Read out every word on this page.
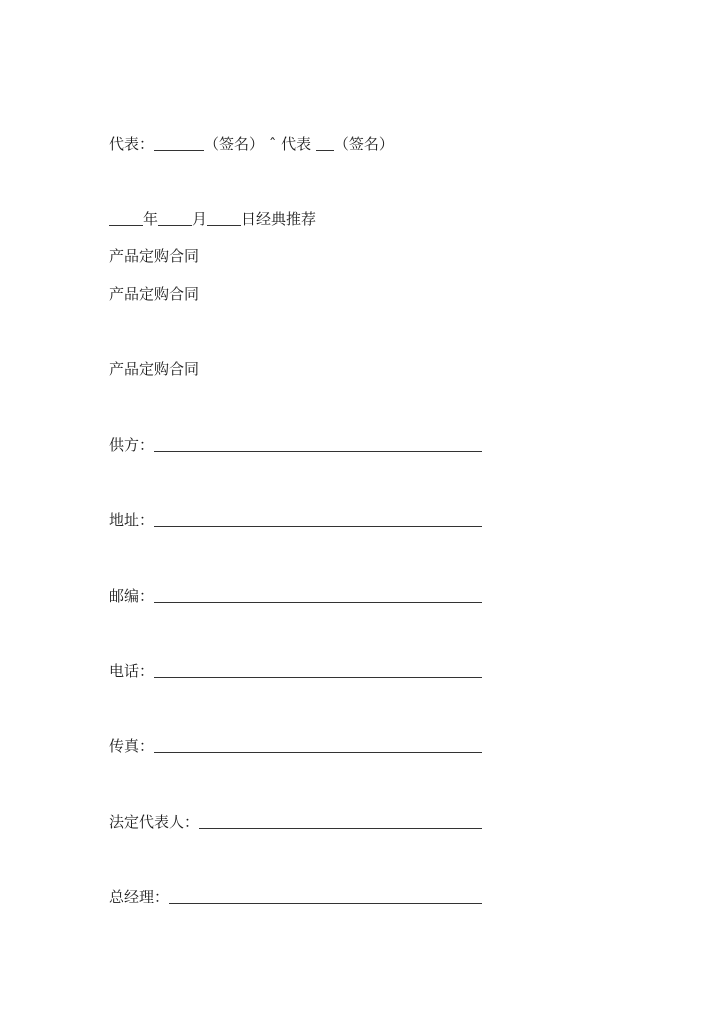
代表：	（签名） ˆ 代表 （签名）
年 月 日经典推荐
产品定购合同
产品定购合同
产品定购合同
供方：
地址：
邮编：
电话：
传真：
法定代表人：
总经理：
